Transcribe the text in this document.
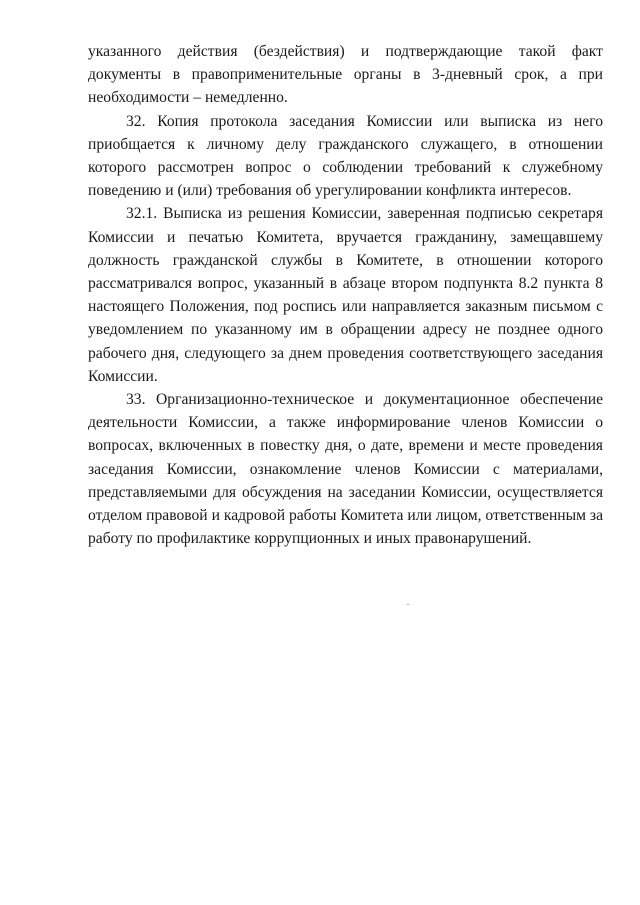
указанного действия (бездействия) и подтверждающие такой факт документы в правоприменительные органы в 3-дневный срок, а при необходимости – немедленно.

32. Копия протокола заседания Комиссии или выписка из него приобщается к личному делу гражданского служащего, в отношении которого рассмотрен вопрос о соблюдении требований к служебному поведению и (или) требования об урегулировании конфликта интересов.

32.1. Выписка из решения Комиссии, заверенная подписью секретаря Комиссии и печатью Комитета, вручается гражданину, замещавшему должность гражданской службы в Комитете, в отношении которого рассматривался вопрос, указанный в абзаце втором подпункта 8.2 пункта 8 настоящего Положения, под роспись или направляется заказным письмом с уведомлением по указанному им в обращении адресу не позднее одного рабочего дня, следующего за днем проведения соответствующего заседания Комиссии.

33. Организационно-техническое и документационное обеспечение деятельности Комиссии, а также информирование членов Комиссии о вопросах, включенных в повестку дня, о дате, времени и месте проведения заседания Комиссии, ознакомление членов Комиссии с материалами, представляемыми для обсуждения на заседании Комиссии, осуществляется отделом правовой и кадровой работы Комитета или лицом, ответственным за работу по профилактике коррупционных и иных правонарушений.
